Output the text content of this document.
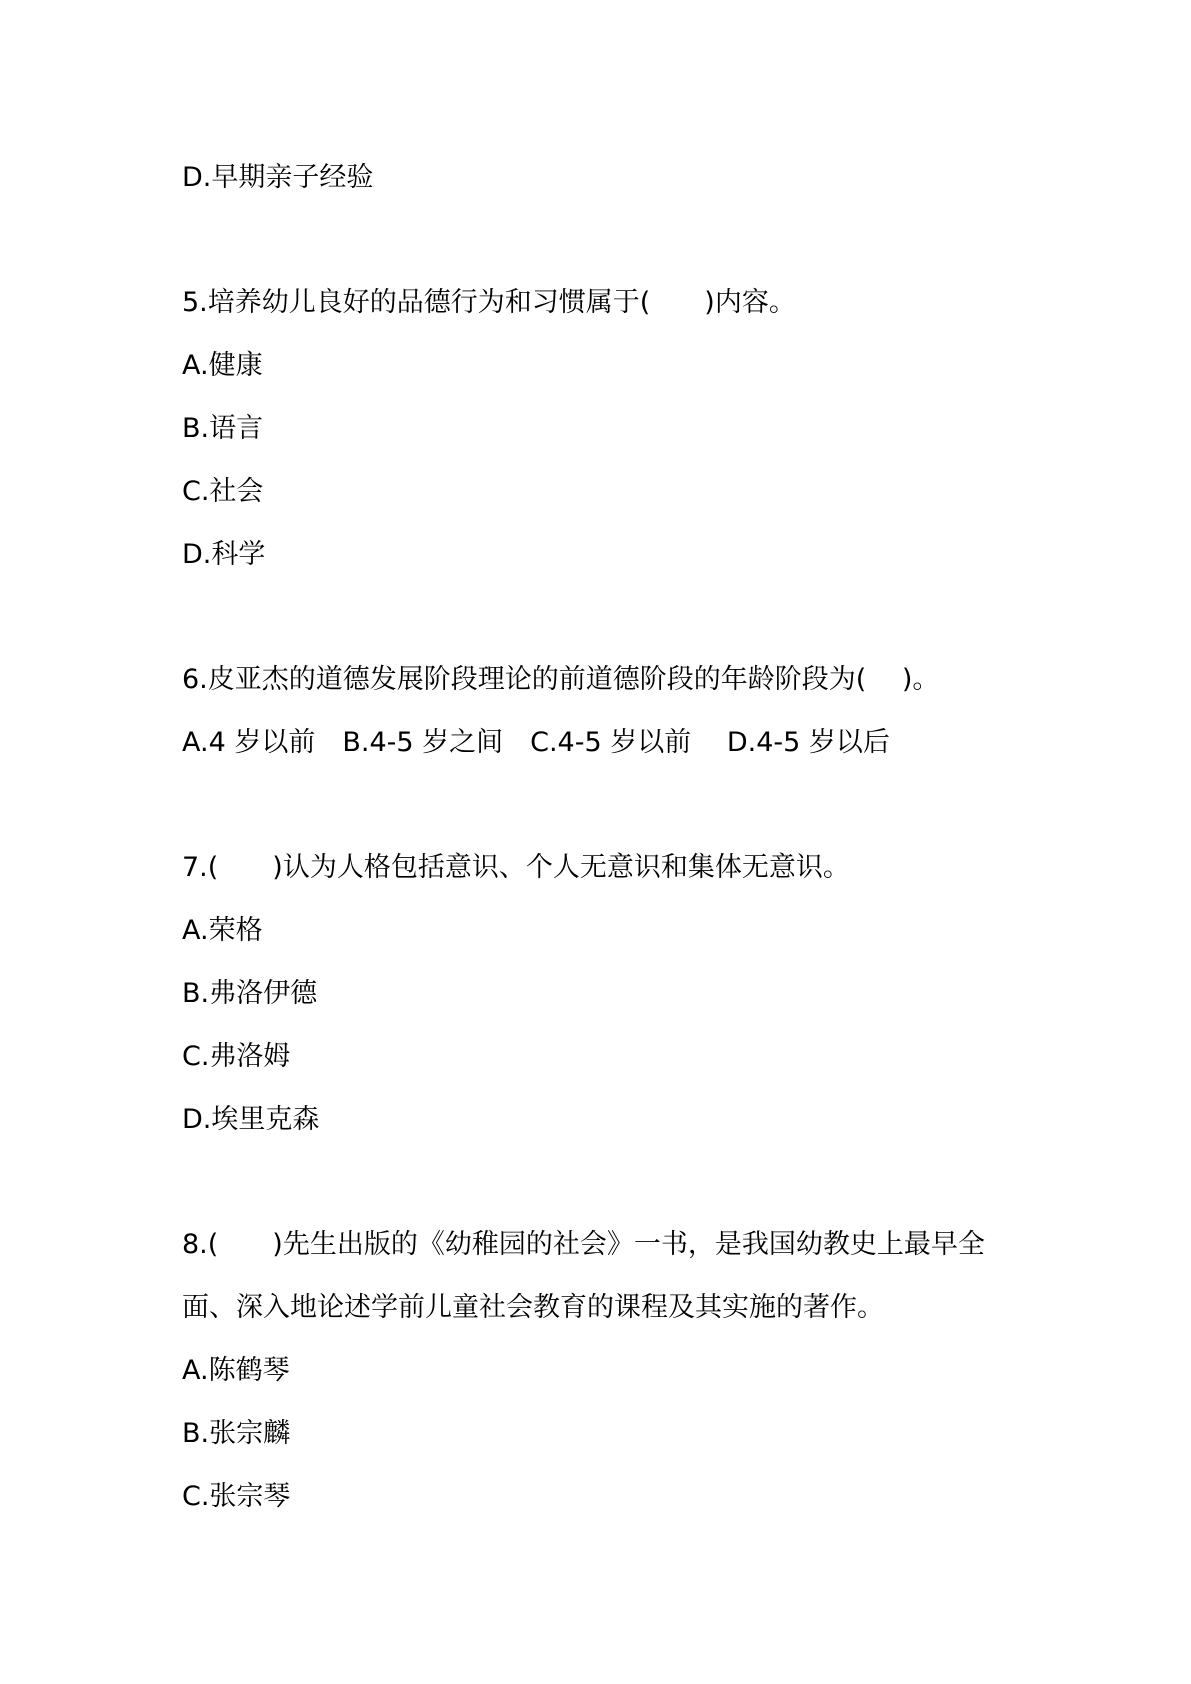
D.早期亲子经验
5.培养幼儿良好的品德行为和习惯属于(　　)内容。
A.健康
B.语言
C.社会
D.科学
6.皮亚杰的道德发展阶段理论的前道德阶段的年龄阶段为(　 )。
A.4 岁以前　B.4-5 岁之间　C.4-5 岁以前　 D.4-5 岁以后
7.(　　)认为人格包括意识、个人无意识和集体无意识。
A.荣格
B.弗洛伊德
C.弗洛姆
D.埃里克森
8.(　　)先生出版的《幼稚园的社会》一书，是我国幼教史上最早全
面、深入地论述学前儿童社会教育的课程及其实施的著作。
A.陈鹤琴
B.张宗麟
C.张宗琴
